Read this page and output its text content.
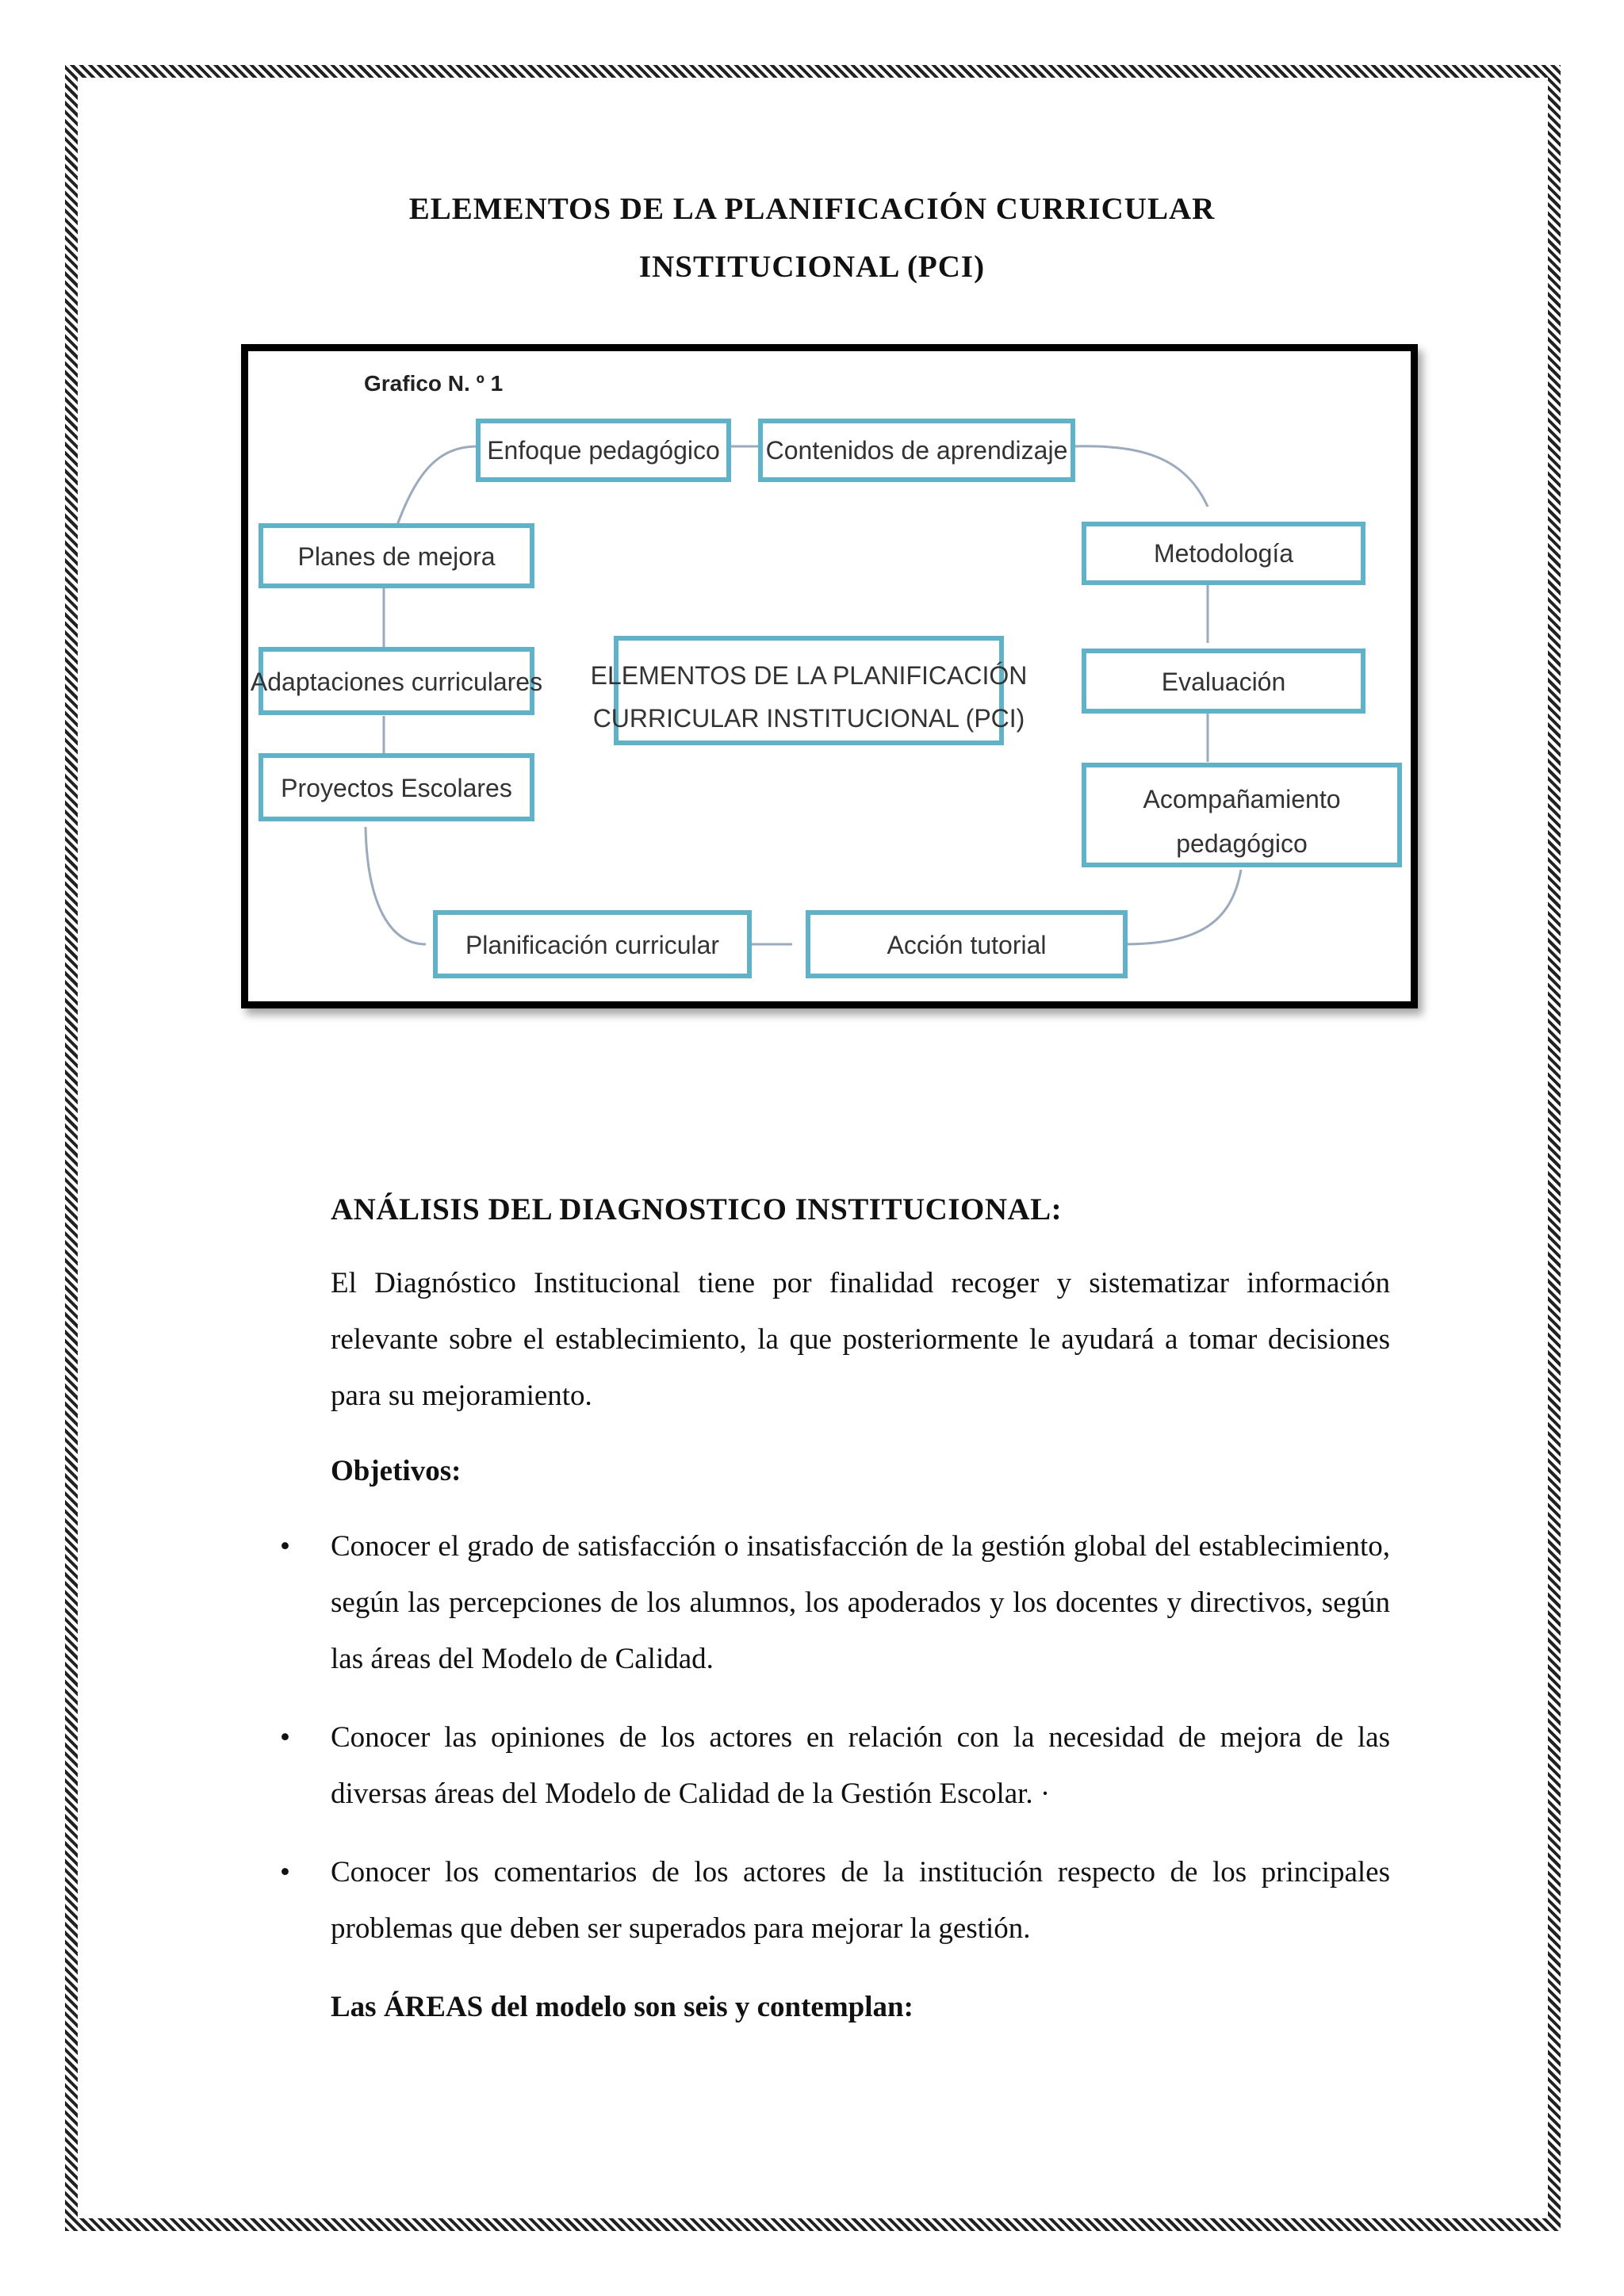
ELEMENTOS DE LA PLANIFICACIÓN CURRICULAR
INSTITUCIONAL (PCI)
Grafico N. º 1
Enfoque pedagógico Contenidos de aprendizaje
Planes de mejora	Metodología
Adaptaciones curriculares	Evaluación
ELEMENTOS DE LA PLANIFICACIÓN
CURRICULAR INSTITUCIONAL (PCI)
Proyectos Escolares	Acompañamiento
pedagógico
Planificación curricular	Acción tutorial
ANÁLISIS DEL DIAGNOSTICO INSTITUCIONAL:

El Diagnóstico Institucional tiene por finalidad recoger y sistematizar información relevante sobre el establecimiento, la que posteriormente le ayudará a tomar decisiones para su mejoramiento.

Objetivos:

• Conocer el grado de satisfacción o insatisfacción de la gestión global del establecimiento, según las percepciones de los alumnos, los apoderados y los docentes y directivos, según las áreas del Modelo de Calidad.
• Conocer las opiniones de los actores en relación con la necesidad de mejora de las diversas áreas del Modelo de Calidad de la Gestión Escolar. ·
• Conocer los comentarios de los actores de la institución respecto de los principales problemas que deben ser superados para mejorar la gestión.

Las ÁREAS del modelo son seis y contemplan:
